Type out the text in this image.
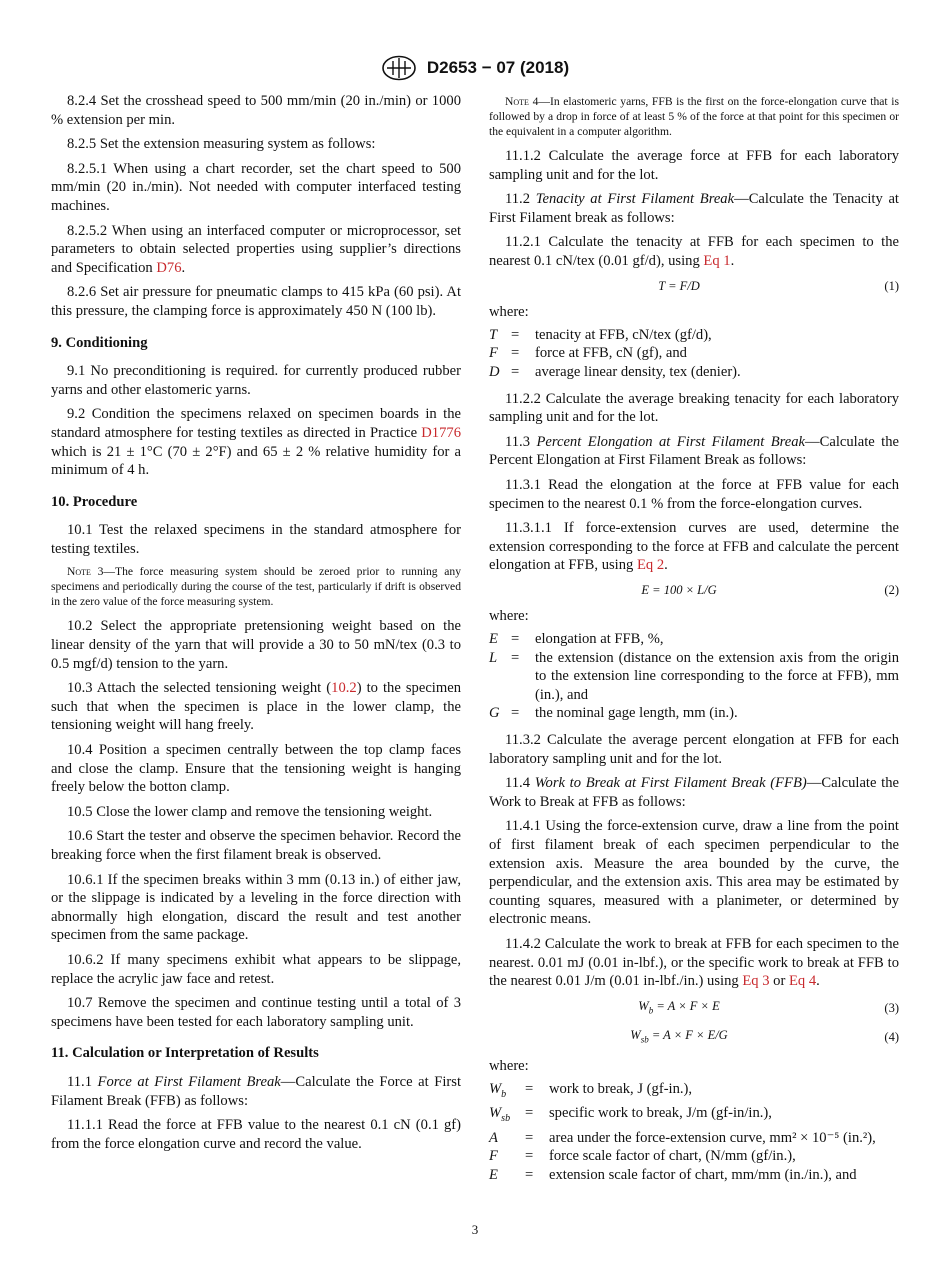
D2653 − 07 (2018)

8.2.4 Set the crosshead speed to 500 mm/min (20 in./min) or 1000 % extension per min.

8.2.5 Set the extension measuring system as follows:

8.2.5.1 When using a chart recorder, set the chart speed to 500 mm/min (20 in./min). Not needed with computer interfaced testing machines.

8.2.5.2 When using an interfaced computer or microprocessor, set parameters to obtain selected properties using supplier’s directions and Specification D76.

8.2.6 Set air pressure for pneumatic clamps to 415 kPa (60 psi). At this pressure, the clamping force is approximately 450 N (100 lb).

9. Conditioning

9.1 No preconditioning is required. for currently produced rubber yarns and other elastomeric yarns.

9.2 Condition the specimens relaxed on specimen boards in the standard atmosphere for testing textiles as directed in Practice D1776 which is 21 ± 1°C (70 ± 2°F) and 65 ± 2 % relative humidity for a minimum of 4 h.

10. Procedure

10.1 Test the relaxed specimens in the standard atmosphere for testing textiles.

Note 3—The force measuring system should be zeroed prior to running any specimens and periodically during the course of the test, particularly if drift is observed in the zero value of the force measuring system.

10.2 Select the appropriate pretensioning weight based on the linear density of the yarn that will provide a 30 to 50 mN/tex (0.3 to 0.5 mgf/d) tension to the yarn.

10.3 Attach the selected tensioning weight (10.2) to the specimen such that when the specimen is place in the lower clamp, the tensioning weight will hang freely.

10.4 Position a specimen centrally between the top clamp faces and close the clamp. Ensure that the tensioning weight is hanging freely below the botton clamp.

10.5 Close the lower clamp and remove the tensioning weight.

10.6 Start the tester and observe the specimen behavior. Record the breaking force when the first filament break is observed.

10.6.1 If the specimen breaks within 3 mm (0.13 in.) of either jaw, or the slippage is indicated by a leveling in the force direction with abnormally high elongation, discard the result and test another specimen from the same package.

10.6.2 If many specimens exhibit what appears to be slippage, replace the acrylic jaw face and retest.

10.7 Remove the specimen and continue testing until a total of 3 specimens have been tested for each laboratory sampling unit.

11. Calculation or Interpretation of Results

11.1 Force at First Filament Break—Calculate the Force at First Filament Break (FFB) as follows:

11.1.1 Read the force at FFB value to the nearest 0.1 cN (0.1 gf) from the force elongation curve and record the value.

Note 4—In elastomeric yarns, FFB is the first on the force-elongation curve that is followed by a drop in force of at least 5 % of the force at that point for this specimen or the equivalent in a computer algorithm.

11.1.2 Calculate the average force at FFB for each laboratory sampling unit and for the lot.

11.2 Tenacity at First Filament Break—Calculate the Tenacity at First Filament break as follows:

11.2.1 Calculate the tenacity at FFB for each specimen to the nearest 0.1 cN/tex (0.01 gf/d), using Eq 1.

T = F/D	(1)
where:
T =	tenacity at FFB, cN/tex (gf/d),
F =	force at FFB, cN (gf), and
D =	average linear density, tex (denier).

11.2.2 Calculate the average breaking tenacity for each laboratory sampling unit and for the lot.

11.3 Percent Elongation at First Filament Break—Calculate the Percent Elongation at First Filament Break as follows:

11.3.1 Read the elongation at the force at FFB value for each specimen to the nearest 0.1 % from the force-elongation curves.

11.3.1.1 If force-extension curves are used, determine the extension corresponding to the force at FFB and calculate the percent elongation at FFB, using Eq 2.

E = 100 × L/G	(2)
where:
E =	elongation at FFB, %,
L =	the extension (distance on the extension axis from the origin to the extension line corresponding to the force at FFB), mm (in.), and
G =	the nominal gage length, mm (in.).

11.3.2 Calculate the average percent elongation at FFB for each laboratory sampling unit and for the lot.

11.4 Work to Break at First Filament Break (FFB)—Calculate the Work to Break at FFB as follows:

11.4.1 Using the force-extension curve, draw a line from the point of first filament break of each specimen perpendicular to the extension axis. Measure the area bounded by the curve, the perpendicular, and the extension axis. This area may be estimated by counting squares, measured with a planimeter, or determined by electronic means.

11.4.2 Calculate the work to break at FFB for each specimen to the nearest. 0.01 mJ (0.01 in-lbf.), or the specific work to break at FFB to the nearest 0.01 J/m (0.01 in-lbf./in.) using Eq 3 or Eq 4.

$W_b = A \times F \times E$	(3)
$W_{sb} = A \times F \times E/G$	(4)
where:
$W_b$	=	work to break, J (gf-in.),
$W_{sb}$	=	specific work to break, J/m (gf-in/in.),
A	=	area under the force-extension curve, mm² × 10⁻⁵ (in.²),
F	=	force scale factor of chart, (N/mm (gf/in.),
E	=	extension scale factor of chart, mm/mm (in./in.), and
3
